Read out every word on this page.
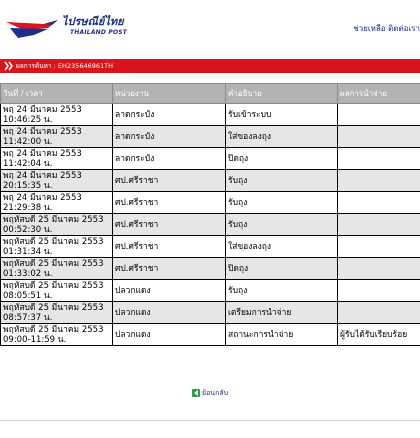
ไปรษณีย์ไทย
THAILAND POST	ช่วยเหลือ ติดต่อเรา
ผลการค้นหา : EH235646961TH
วันที่ / เวลา	หน่วยงาน	คำอธิบาย	ผลการนำจ่าย

พฤ 24 มีนาคม 2553
10:46:25 น.	ลาดกระบัง	รับเข้าระบบ	

พฤ 24 มีนาคม 2553
11:42:00 น.	ลาดกระบัง	ใส่ของลงถุง	

พฤ 24 มีนาคม 2553
11:42:04 น.	ลาดกระบัง	ปิดถุง	

พฤ 24 มีนาคม 2553
20:15:35 น.	ศป.ศรีราชา	รับถุง	

พฤ 24 มีนาคม 2553
21:29:38 น.	ศป.ศรีราชา	รับถุง	

พฤหัสบดี 25 มีนาคม 2553
00:52:30 น.	ศป.ศรีราชา	รับถุง	

พฤหัสบดี 25 มีนาคม 2553
01:31:34 น.	ศป.ศรีราชา	ใส่ของลงถุง	

พฤหัสบดี 25 มีนาคม 2553
01:33:02 น.	ศป.ศรีราชา	ปิดถุง	

พฤหัสบดี 25 มีนาคม 2553
08:05:51 น.	ปลวกแดง	รับถุง	

พฤหัสบดี 25 มีนาคม 2553
08:57:37 น.	ปลวกแดง	เตรียมการนำจ่าย	

พฤหัสบดี 25 มีนาคม 2553
09:00-11:59 น.	ปลวกแดง	สถานะการนำจ่าย	ผู้รับได้รับเรียบร้อย
ย้อนกลับ
